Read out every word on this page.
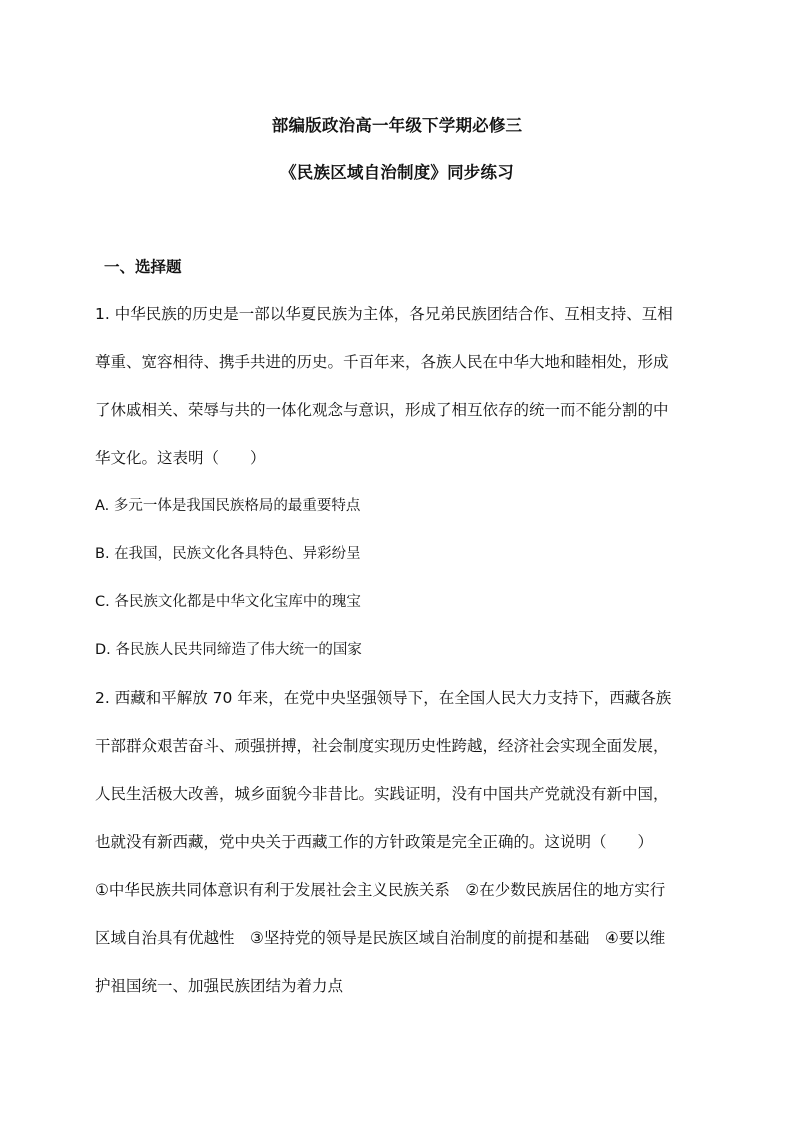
部编版政治高一年级下学期必修三
《民族区域自治制度》同步练习
一、选择题
1. 中华民族的历史是一部以华夏民族为主体，各兄弟民族团结合作、互相支持、互相
尊重、宽容相待、携手共进的历史。千百年来，各族人民在中华大地和睦相处，形成
了休戚相关、荣辱与共的一体化观念与意识，形成了相互依存的统一而不能分割的中
华文化。这表明（　　）
A. 多元一体是我国民族格局的最重要特点
B. 在我国，民族文化各具特色、异彩纷呈
C. 各民族文化都是中华文化宝库中的瑰宝
D. 各民族人民共同缔造了伟大统一的国家
2. 西藏和平解放 70 年来，在党中央坚强领导下，在全国人民大力支持下，西藏各族
干部群众艰苦奋斗、顽强拼搏，社会制度实现历史性跨越，经济社会实现全面发展，
人民生活极大改善，城乡面貌今非昔比。实践证明，没有中国共产党就没有新中国，
也就没有新西藏，党中央关于西藏工作的方针政策是完全正确的。这说明（　　）
①中华民族共同体意识有利于发展社会主义民族关系　②在少数民族居住的地方实行
区域自治具有优越性　③坚持党的领导是民族区域自治制度的前提和基础　④要以维
护祖国统一、加强民族团结为着力点
